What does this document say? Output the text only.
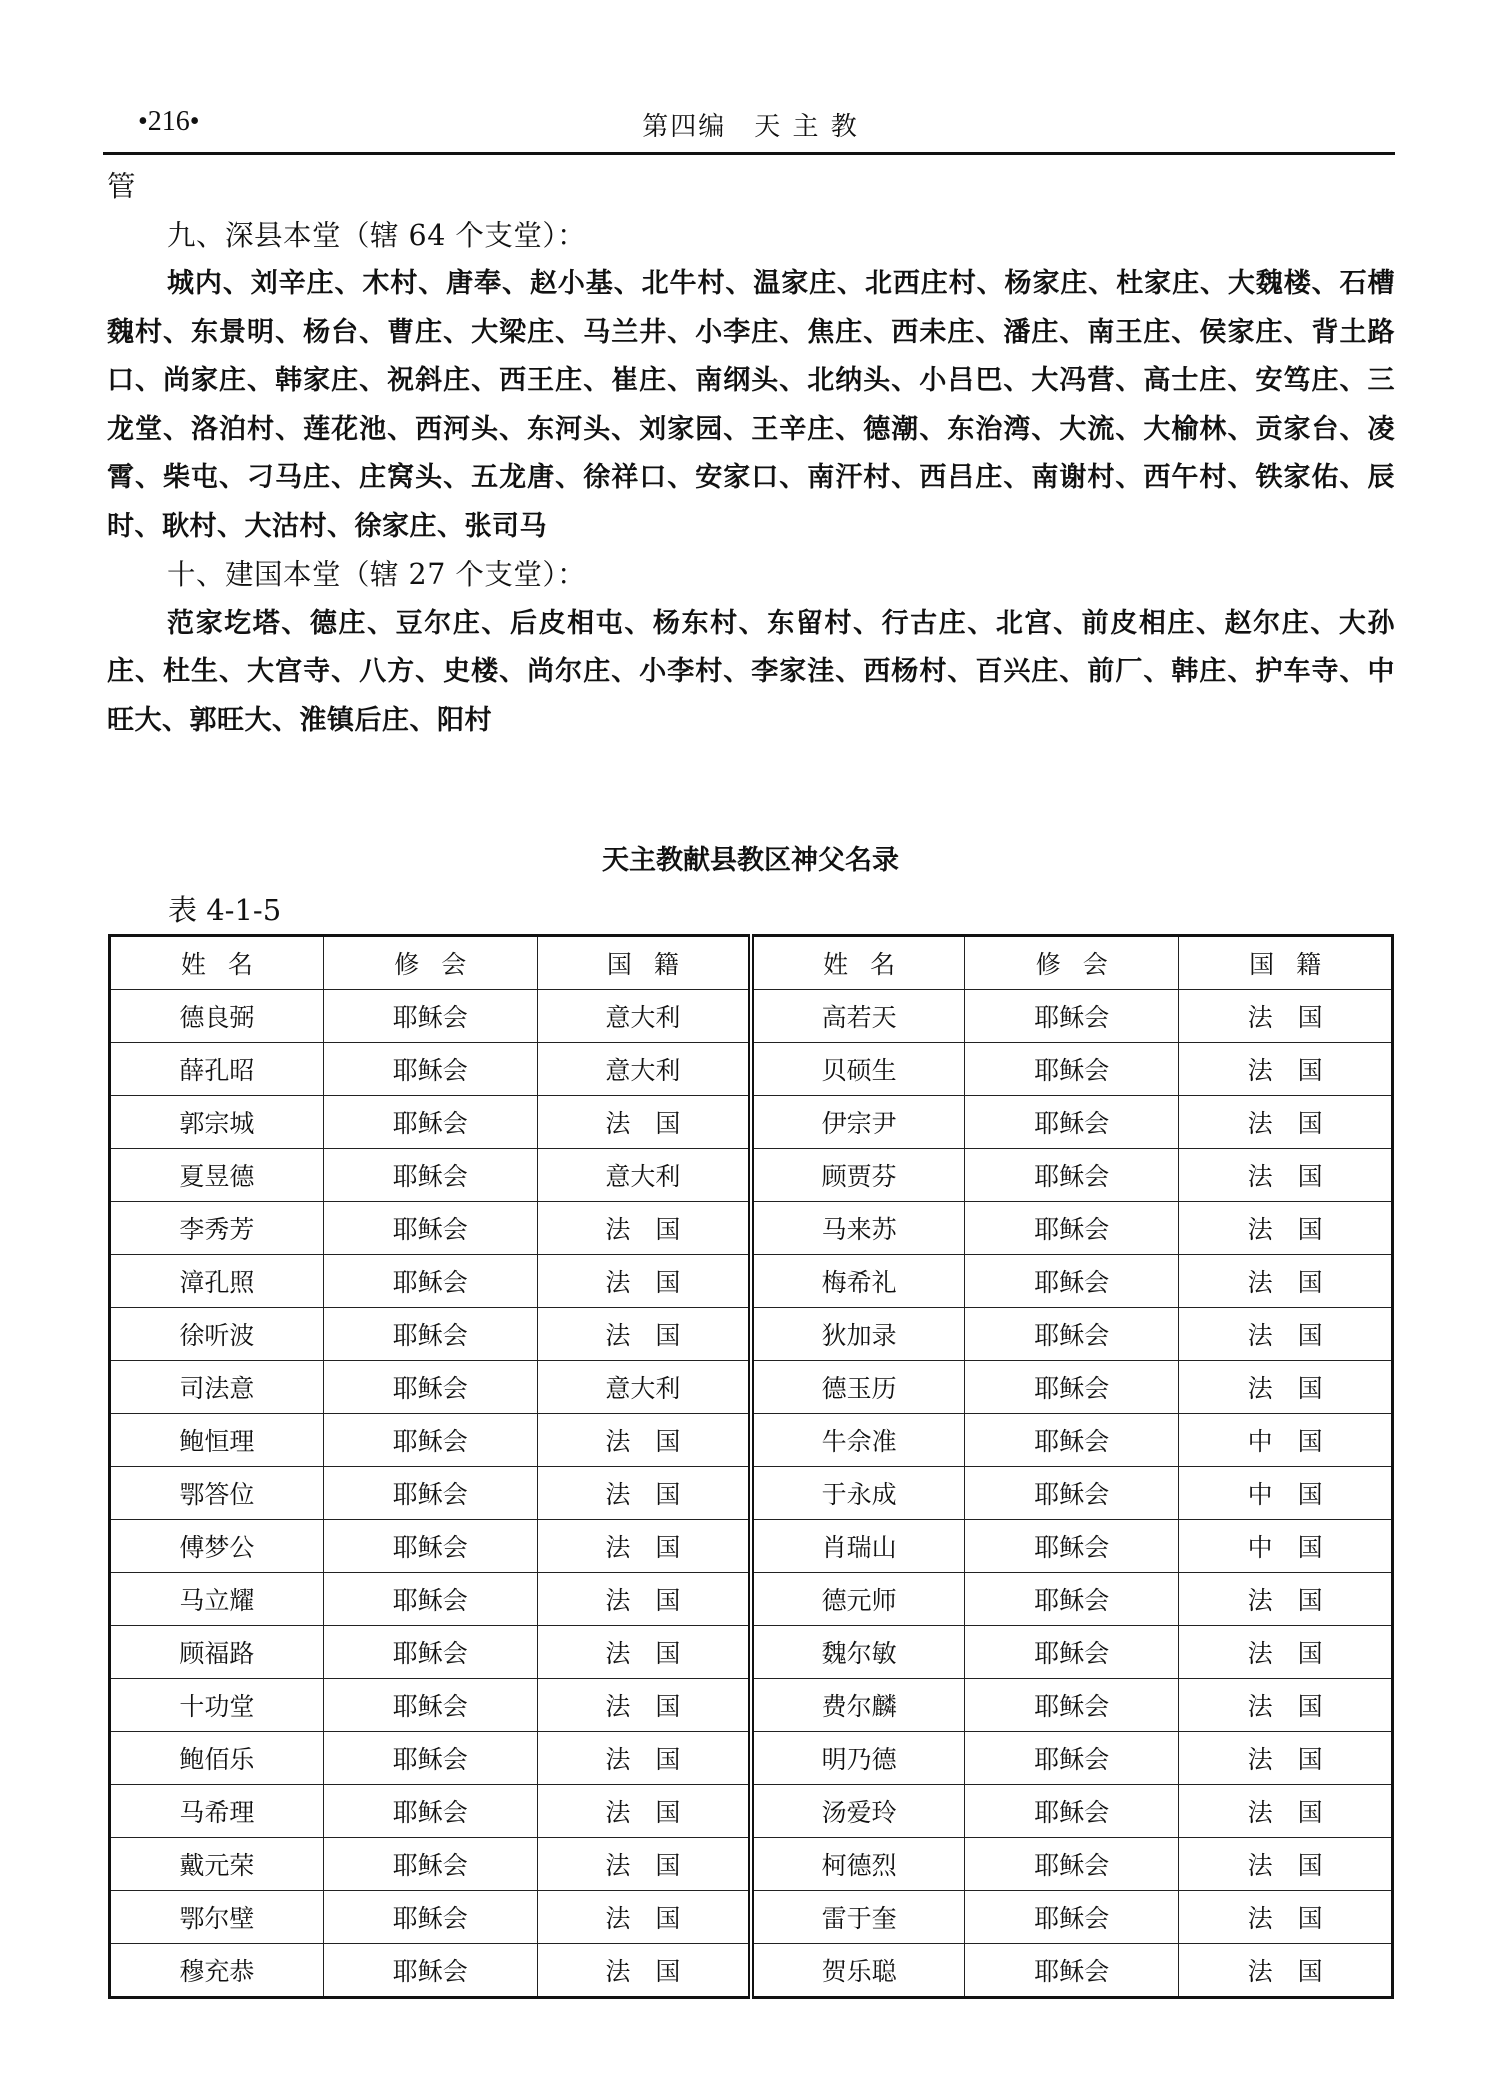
•216•	第四编　天 主 教

管

九、深县本堂（辖 64 个支堂）：

城内、刘辛庄、木村、唐奉、赵小基、北牛村、温家庄、北西庄村、杨家庄、杜家庄、大魏楼、石槽魏村、东景明、杨台、曹庄、大梁庄、马兰井、小李庄、焦庄、西未庄、潘庄、南王庄、侯家庄、背土路口、尚家庄、韩家庄、祝斜庄、西王庄、崔庄、南纲头、北纳头、小吕巴、大冯营、高士庄、安笃庄、三龙堂、洛泊村、莲花池、西河头、东河头、刘家园、王辛庄、德潮、东治湾、大流、大榆林、贡家台、凌霄、柴屯、刁马庄、庄窝头、五龙唐、徐祥口、安家口、南汗村、西吕庄、南谢村、西午村、铁家佑、辰时、耿村、大沽村、徐家庄、张司马

十、建国本堂（辖 27 个支堂）：

范家圪塔、德庄、豆尔庄、后皮相屯、杨东村、东留村、行古庄、北宫、前皮相庄、赵尔庄、大孙庄、杜生、大宫寺、八方、史楼、尚尔庄、小李村、李家洼、西杨村、百兴庄、前厂、韩庄、护车寺、中旺大、郭旺大、淮镇后庄、阳村

天主教献县教区神父名录
表 4-1-5
姓名	修会	国籍	姓名	修会	国籍
德良弼	耶稣会	意大利	高若天	耶稣会	法　国
薛孔昭	耶稣会	意大利	贝硕生	耶稣会	法　国
郭宗城	耶稣会	法　国	伊宗尹	耶稣会	法　国
夏昱德	耶稣会	意大利	顾贾芬	耶稣会	法　国
李秀芳	耶稣会	法　国	马来苏	耶稣会	法　国
漳孔照	耶稣会	法　国	梅希礼	耶稣会	法　国
徐听波	耶稣会	法　国	狄加录	耶稣会	法　国
司法意	耶稣会	意大利	德玉历	耶稣会	法　国
鲍恒理	耶稣会	法　国	牛佘准	耶稣会	中　国
鄂答位	耶稣会	法　国	于永成	耶稣会	中　国
傅梦公	耶稣会	法　国	肖瑞山	耶稣会	中　国
马立耀	耶稣会	法　国	德元师	耶稣会	法　国
顾福路	耶稣会	法　国	魏尔敏	耶稣会	法　国
十功堂	耶稣会	法　国	费尔麟	耶稣会	法　国
鲍佰乐	耶稣会	法　国	明乃德	耶稣会	法　国
马希理	耶稣会	法　国	汤爱玲	耶稣会	法　国
戴元荣	耶稣会	法　国	柯德烈	耶稣会	法　国
鄂尔壁	耶稣会	法　国	雷于奎	耶稣会	法　国
穆充恭	耶稣会	法　国	贺乐聪	耶稣会	法　国
